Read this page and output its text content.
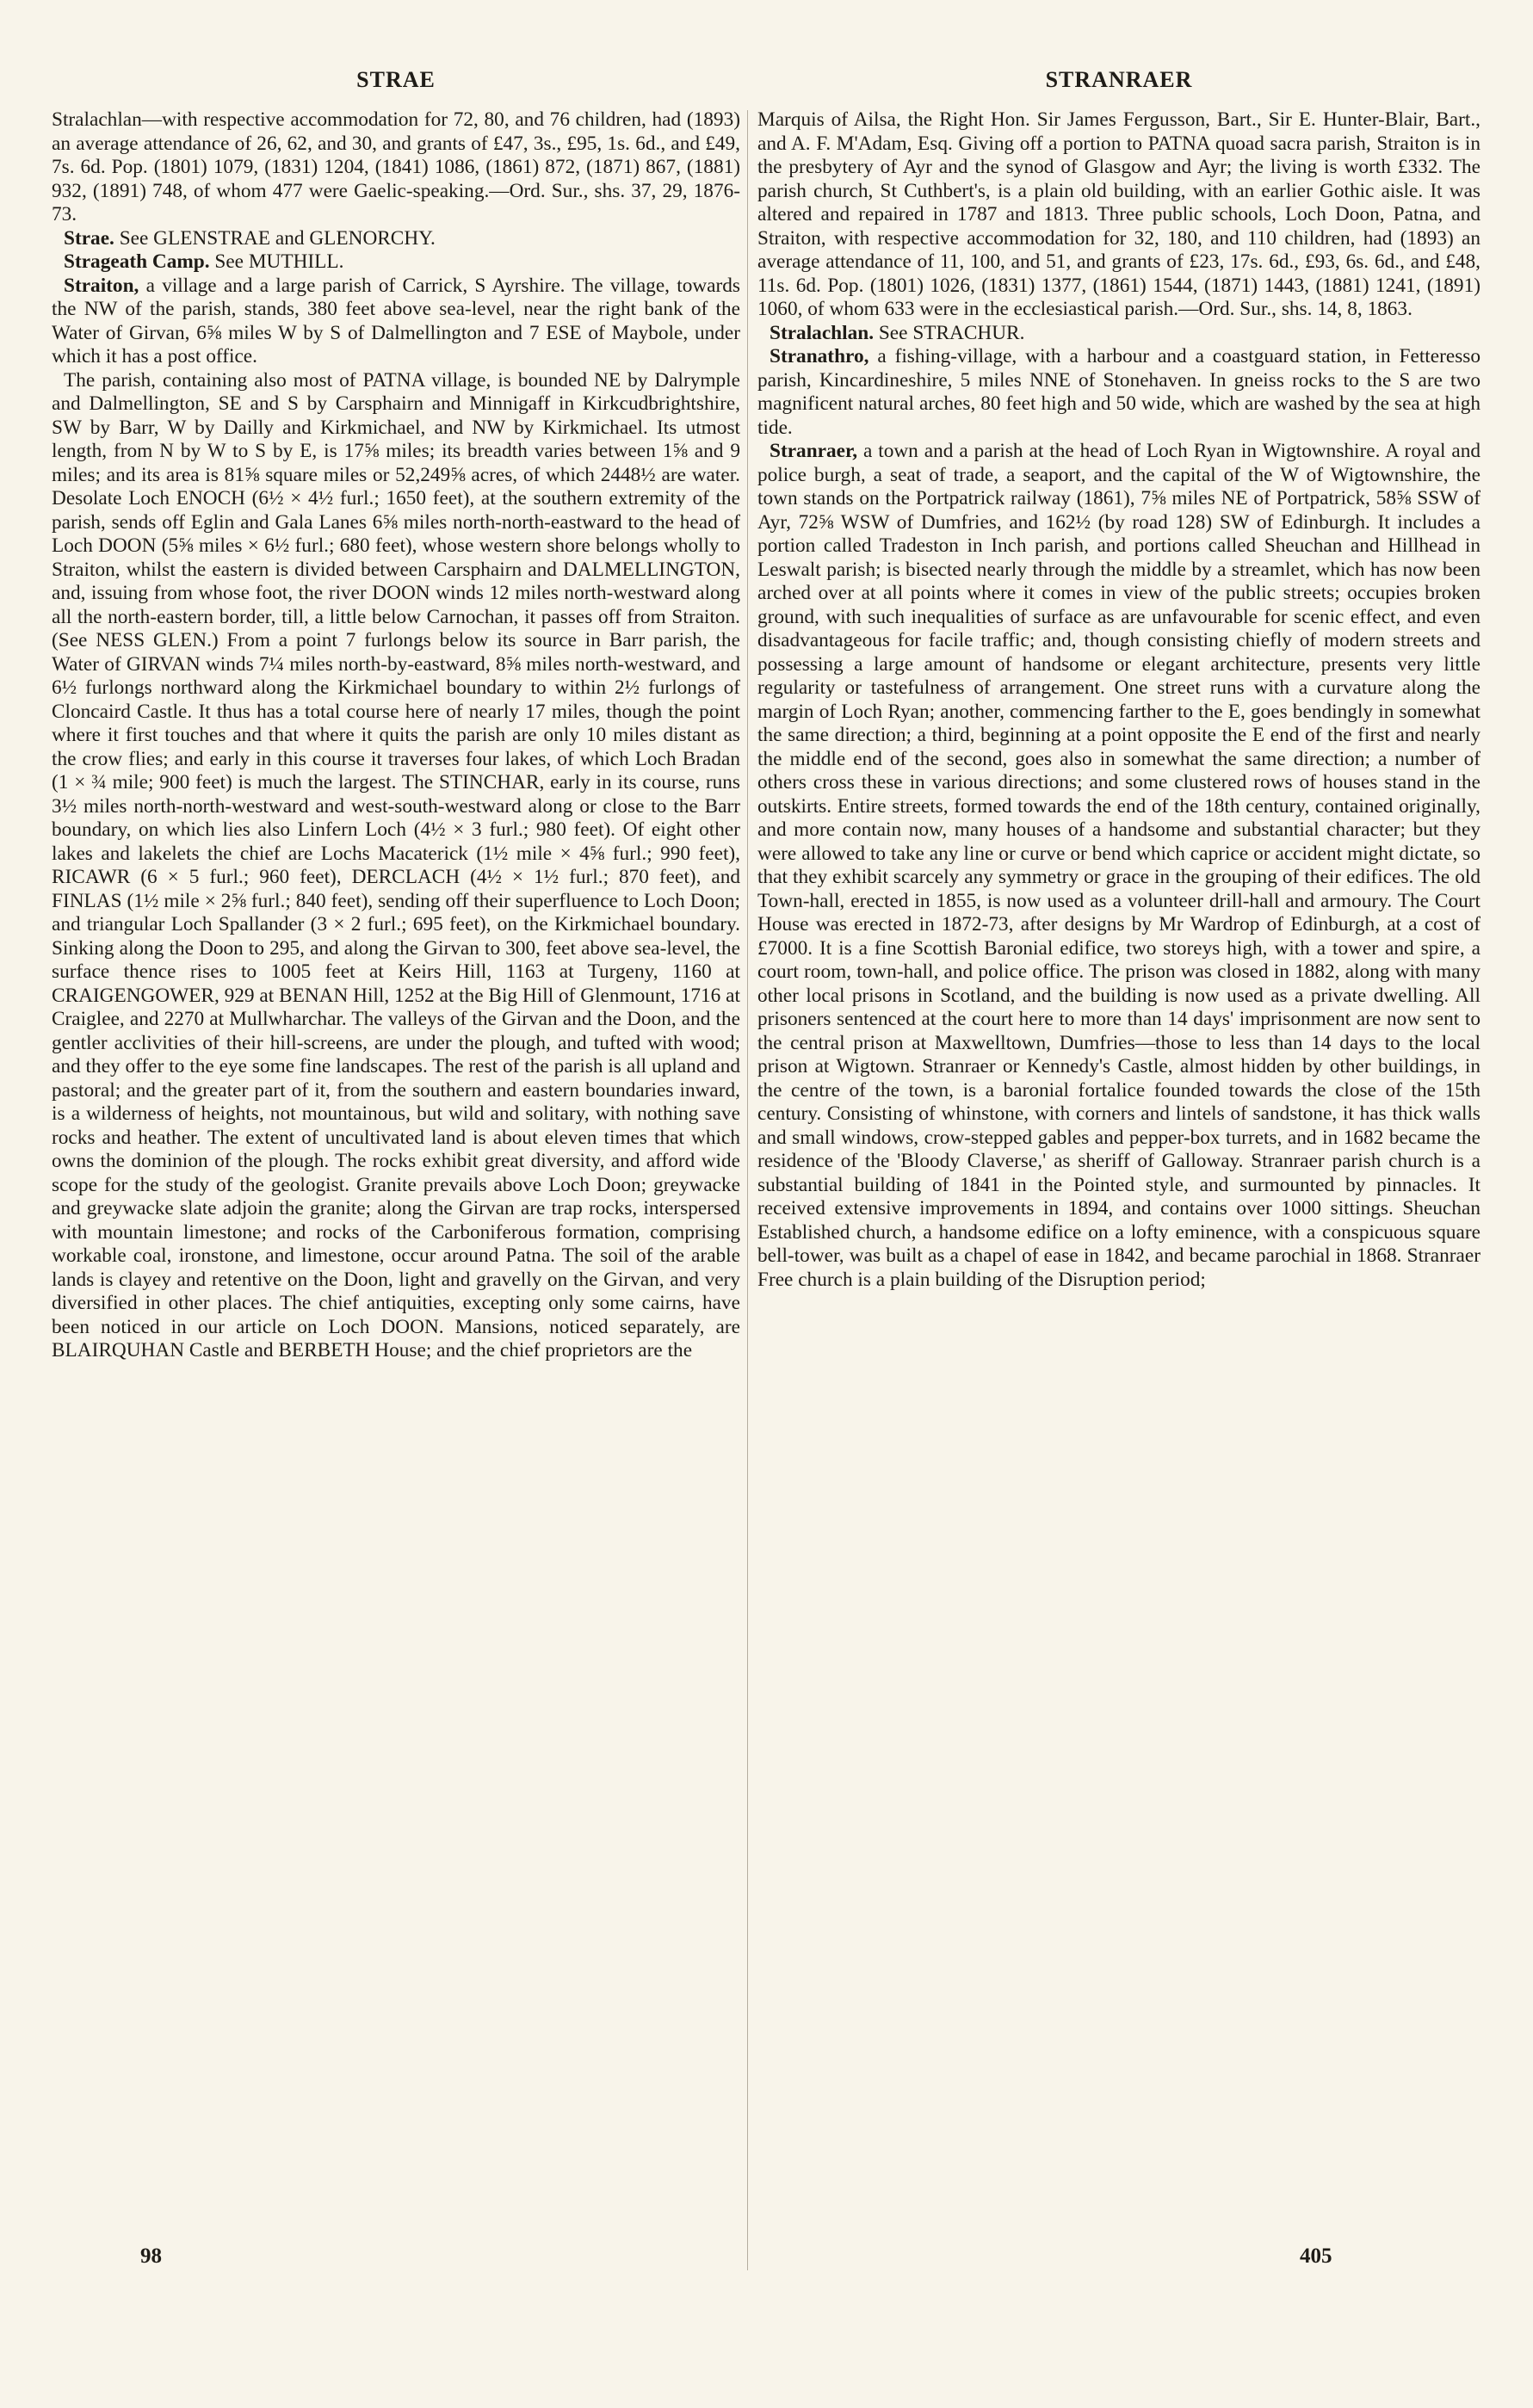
STRAE	STRANRAER

Stralachlan—with respective accommodation for 72, 80, and 76 children, had (1893) an average attendance of 26, 62, and 30, and grants of £47, 3s., £95, 1s. 6d., and £49, 7s. 6d. Pop. (1801) 1079, (1831) 1204, (1841) 1086, (1861) 872, (1871) 867, (1881) 932, (1891) 748, of whom 477 were Gaelic-speaking.—Ord. Sur., shs. 37, 29, 1876-73.

Strae. See GLENSTRAE and GLENORCHY.

Strageath Camp. See MUTHILL.

Straiton, a village and a large parish of Carrick, S Ayrshire. The village, towards the NW of the parish, stands, 380 feet above sea-level, near the right bank of the Water of Girvan, 6⅝ miles W by S of Dalmellington and 7 ESE of Maybole, under which it has a post office.

The parish, containing also most of PATNA village, is bounded NE by Dalrymple and Dalmellington, SE and S by Carsphairn and Minnigaff in Kirkcudbrightshire, SW by Barr, W by Dailly and Kirkmichael, and NW by Kirkmichael. Its utmost length, from N by W to S by E, is 17⅝ miles; its breadth varies between 1⅝ and 9 miles; and its area is 81⅝ square miles or 52,249⅝ acres, of which 2448½ are water. Desolate Loch ENOCH (6½ × 4½ furl.; 1650 feet), at the southern extremity of the parish, sends off Eglin and Gala Lanes 6⅝ miles north-north-eastward to the head of Loch DOON (5⅝ miles × 6½ furl.; 680 feet), whose western shore belongs wholly to Straiton, whilst the eastern is divided between Carsphairn and DALMELLINGTON, and, issuing from whose foot, the river DOON winds 12 miles north-westward along all the north-eastern border, till, a little below Carnochan, it passes off from Straiton. (See NESS GLEN.) From a point 7 furlongs below its source in Barr parish, the Water of GIRVAN winds 7¼ miles north-by-eastward, 8⅝ miles north-westward, and 6½ furlongs northward along the Kirkmichael boundary to within 2½ furlongs of Cloncaird Castle. It thus has a total course here of nearly 17 miles, though the point where it first touches and that where it quits the parish are only 10 miles distant as the crow flies; and early in this course it traverses four lakes, of which Loch Bradan (1 × ¾ mile; 900 feet) is much the largest. The STINCHAR, early in its course, runs 3½ miles north-north-westward and west-south-westward along or close to the Barr boundary, on which lies also Linfern Loch (4½ × 3 furl.; 980 feet). Of eight other lakes and lakelets the chief are Lochs Macaterick (1½ mile × 4⅝ furl.; 990 feet), RICAWR (6 × 5 furl.; 960 feet), DERCLACH (4½ × 1½ furl.; 870 feet), and FINLAS (1½ mile × 2⅝ furl.; 840 feet), sending off their superfluence to Loch Doon; and triangular Loch Spallander (3 × 2 furl.; 695 feet), on the Kirkmichael boundary. Sinking along the Doon to 295, and along the Girvan to 300, feet above sea-level, the surface thence rises to 1005 feet at Keirs Hill, 1163 at Turgeny, 1160 at CRAIGENGOWER, 929 at BENAN Hill, 1252 at the Big Hill of Glenmount, 1716 at Craiglee, and 2270 at Mullwharchar. The valleys of the Girvan and the Doon, and the gentler acclivities of their hill-screens, are under the plough, and tufted with wood; and they offer to the eye some fine landscapes. The rest of the parish is all upland and pastoral; and the greater part of it, from the southern and eastern boundaries inward, is a wilderness of heights, not mountainous, but wild and solitary, with nothing save rocks and heather. The extent of uncultivated land is about eleven times that which owns the dominion of the plough. The rocks exhibit great diversity, and afford wide scope for the study of the geologist. Granite prevails above Loch Doon; greywacke and greywacke slate adjoin the granite; along the Girvan are trap rocks, interspersed with mountain limestone; and rocks of the Carboniferous formation, comprising workable coal, ironstone, and limestone, occur around Patna. The soil of the arable lands is clayey and retentive on the Doon, light and gravelly on the Girvan, and very diversified in other places. The chief antiquities, excepting only some cairns, have been noticed in our article on Loch DOON. Mansions, noticed separately, are BLAIRQUHAN Castle and BERBETH House; and the chief proprietors are the

Marquis of Ailsa, the Right Hon. Sir James Fergusson, Bart., Sir E. Hunter-Blair, Bart., and A. F. M'Adam, Esq. Giving off a portion to PATNA quoad sacra parish, Straiton is in the presbytery of Ayr and the synod of Glasgow and Ayr; the living is worth £332. The parish church, St Cuthbert's, is a plain old building, with an earlier Gothic aisle. It was altered and repaired in 1787 and 1813. Three public schools, Loch Doon, Patna, and Straiton, with respective accommodation for 32, 180, and 110 children, had (1893) an average attendance of 11, 100, and 51, and grants of £23, 17s. 6d., £93, 6s. 6d., and £48, 11s. 6d. Pop. (1801) 1026, (1831) 1377, (1861) 1544, (1871) 1443, (1881) 1241, (1891) 1060, of whom 633 were in the ecclesiastical parish.—Ord. Sur., shs. 14, 8, 1863.

Stralachlan. See STRACHUR.

Stranathro, a fishing-village, with a harbour and a coastguard station, in Fetteresso parish, Kincardineshire, 5 miles NNE of Stonehaven. In gneiss rocks to the S are two magnificent natural arches, 80 feet high and 50 wide, which are washed by the sea at high tide.

Stranraer, a town and a parish at the head of Loch Ryan in Wigtownshire. A royal and police burgh, a seat of trade, a seaport, and the capital of the W of Wigtownshire, the town stands on the Portpatrick railway (1861), 7⅝ miles NE of Portpatrick, 58⅝ SSW of Ayr, 72⅝ WSW of Dumfries, and 162½ (by road 128) SW of Edinburgh. It includes a portion called Tradeston in Inch parish, and portions called Sheuchan and Hillhead in Leswalt parish; is bisected nearly through the middle by a streamlet, which has now been arched over at all points where it comes in view of the public streets; occupies broken ground, with such inequalities of surface as are unfavourable for scenic effect, and even disadvantageous for facile traffic; and, though consisting chiefly of modern streets and possessing a large amount of handsome or elegant architecture, presents very little regularity or tastefulness of arrangement. One street runs with a curvature along the margin of Loch Ryan; another, commencing farther to the E, goes bendingly in somewhat the same direction; a third, beginning at a point opposite the E end of the first and nearly the middle end of the second, goes also in somewhat the same direction; a number of others cross these in various directions; and some clustered rows of houses stand in the outskirts. Entire streets, formed towards the end of the 18th century, contained originally, and more contain now, many houses of a handsome and substantial character; but they were allowed to take any line or curve or bend which caprice or accident might dictate, so that they exhibit scarcely any symmetry or grace in the grouping of their edifices. The old Town-hall, erected in 1855, is now used as a volunteer drill-hall and armoury. The Court House was erected in 1872-73, after designs by Mr Wardrop of Edinburgh, at a cost of £7000. It is a fine Scottish Baronial edifice, two storeys high, with a tower and spire, a court room, town-hall, and police office. The prison was closed in 1882, along with many other local prisons in Scotland, and the building is now used as a private dwelling. All prisoners sentenced at the court here to more than 14 days' imprisonment are now sent to the central prison at Maxwelltown, Dumfries—those to less than 14 days to the local prison at Wigtown. Stranraer or Kennedy's Castle, almost hidden by other buildings, in the centre of the town, is a baronial fortalice founded towards the close of the 15th century. Consisting of whinstone, with corners and lintels of sandstone, it has thick walls and small windows, crow-stepped gables and pepper-box turrets, and in 1682 became the residence of the 'Bloody Claverse,' as sheriff of Galloway. Stranraer parish church is a substantial building of 1841 in the Pointed style, and surmounted by pinnacles. It received extensive improvements in 1894, and contains over 1000 sittings. Sheuchan Established church, a handsome edifice on a lofty eminence, with a conspicuous square bell-tower, was built as a chapel of ease in 1842, and became parochial in 1868. Stranraer Free church is a plain building of the Disruption period;

98	405
